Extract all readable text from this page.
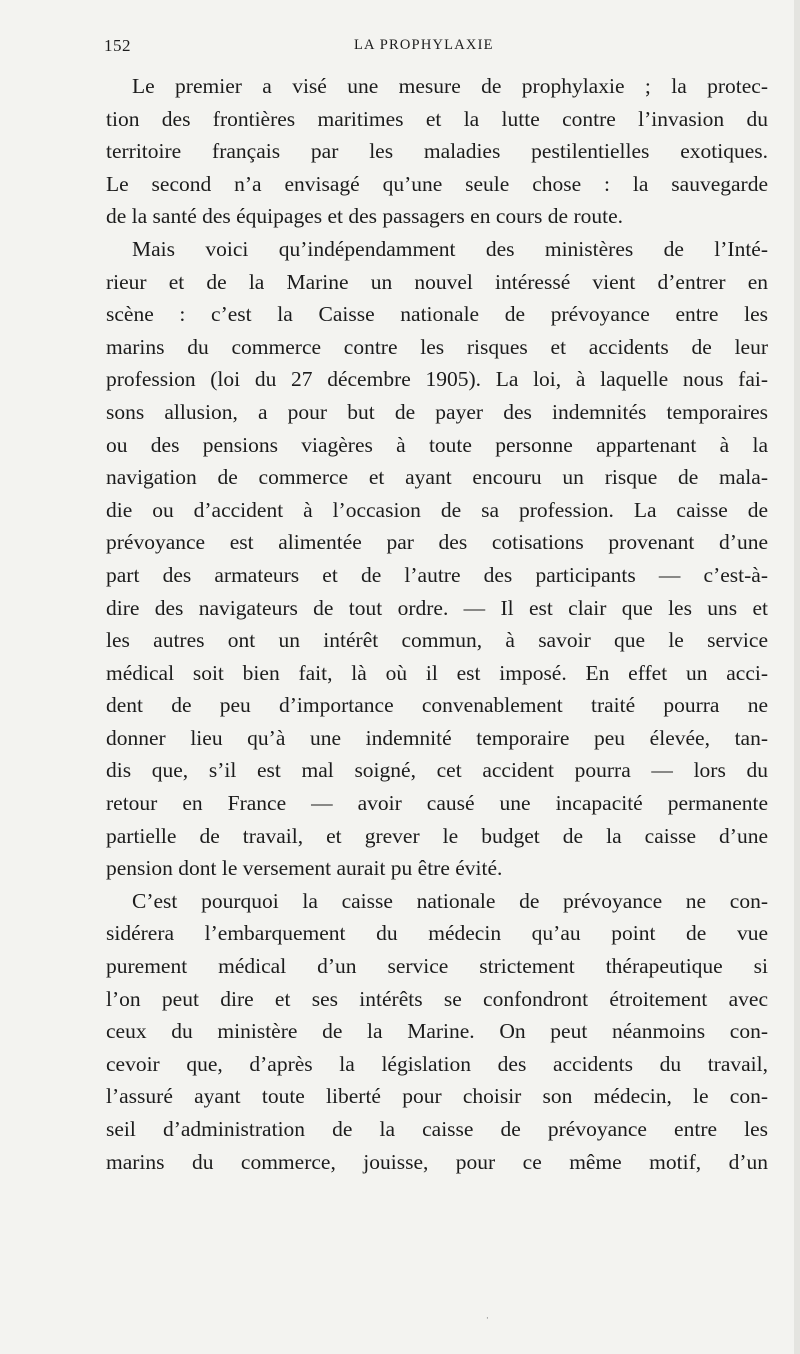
152	LA PROPHYLAXIE
Le premier a visé une mesure de prophylaxie ; la protec-
tion des frontières maritimes et la lutte contre l’invasion du
territoire français par les maladies pestilentielles exotiques.
Le second n’a envisagé qu’une seule chose : la sauvegarde
de la santé des équipages et des passagers en cours de route.
Mais voici qu’indépendamment des ministères de l’Inté-
rieur et de la Marine un nouvel intéressé vient d’entrer en
scène : c’est la Caisse nationale de prévoyance entre les
marins du commerce contre les risques et accidents de leur
profession (loi du 27 décembre 1905). La loi, à laquelle nous fai-
sons allusion, a pour but de payer des indemnités temporaires
ou des pensions viagères à toute personne appartenant à la
navigation de commerce et ayant encouru un risque de mala-
die ou d’accident à l’occasion de sa profession. La caisse de
prévoyance est alimentée par des cotisations provenant d’une
part des armateurs et de l’autre des participants — c’est-à-
dire des navigateurs de tout ordre. — Il est clair que les uns et
les autres ont un intérêt commun, à savoir que le service
médical soit bien fait, là où il est imposé. En effet un acci-
dent de peu d’importance convenablement traité pourra ne
donner lieu qu’à une indemnité temporaire peu élevée, tan-
dis que, s’il est mal soigné, cet accident pourra — lors du
retour en France — avoir causé une incapacité permanente
partielle de travail, et grever le budget de la caisse d’une
pension dont le versement aurait pu être évité.
C’est pourquoi la caisse nationale de prévoyance ne con-
sidérera l’embarquement du médecin qu’au point de vue
purement médical d’un service strictement thérapeutique si
l’on peut dire et ses intérêts se confondront étroitement avec
ceux du ministère de la Marine. On peut néanmoins con-
cevoir que, d’après la législation des accidents du travail,
l’assuré ayant toute liberté pour choisir son médecin, le con-
seil d’administration de la caisse de prévoyance entre les
marins du commerce, jouisse, pour ce même motif, d’un
·
